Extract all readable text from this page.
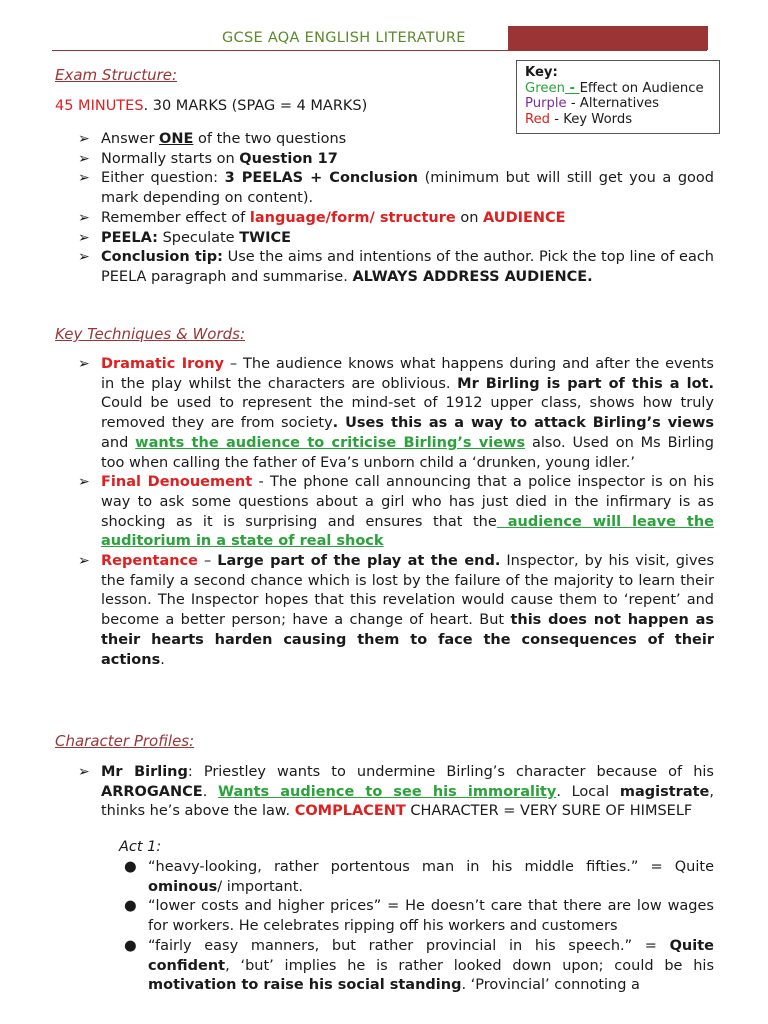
GCSE AQA ENGLISH LITERATURE
Key:
Green - Effect on Audience
Purple - Alternatives
Red - Key Words
Exam Structure:
45 MINUTES. 30 MARKS (SPAG = 4 MARKS)
➢ Answer ONE of the two questions
➢ Normally starts on Question 17
➢ Either question: 3 PEELAS + Conclusion (minimum but will still get you a good mark depending on content).
➢ Remember effect of language/form/ structure on AUDIENCE
➢ PEELA: Speculate TWICE
➢ Conclusion tip: Use the aims and intentions of the author. Pick the top line of each PEELA paragraph and summarise. ALWAYS ADDRESS AUDIENCE.
Key Techniques & Words:
➢ Dramatic Irony – The audience knows what happens during and after the events in the play whilst the characters are oblivious. Mr Birling is part of this a lot. Could be used to represent the mind-set of 1912 upper class, shows how truly removed they are from society. Uses this as a way to attack Birling’s views and wants the audience to criticise Birling’s views also. Used on Ms Birling too when calling the father of Eva’s unborn child a ‘drunken, young idler.’
➢ Final Denouement - The phone call announcing that a police inspector is on his way to ask some questions about a girl who has just died in the infirmary is as shocking as it is surprising and ensures that the audience will leave the auditorium in a state of real shock
➢ Repentance – Large part of the play at the end. Inspector, by his visit, gives the family a second chance which is lost by the failure of the majority to learn their lesson. The Inspector hopes that this revelation would cause them to ‘repent’ and become a better person; have a change of heart. But this does not happen as their hearts harden causing them to face the consequences of their actions.
Character Profiles:
➢ Mr Birling: Priestley wants to undermine Birling’s character because of his ARROGANCE. Wants audience to see his immorality. Local magistrate, thinks he’s above the law. COMPLACENT CHARACTER = VERY SURE OF HIMSELF
Act 1:
● “heavy-looking, rather portentous man in his middle fifties.” = Quite ominous/ important.
● “lower costs and higher prices” = He doesn’t care that there are low wages for workers. He celebrates ripping off his workers and customers
● “fairly easy manners, but rather provincial in his speech.” = Quite confident, ‘but’ implies he is rather looked down upon; could be his motivation to raise his social standing. ‘Provincial’ connoting a
